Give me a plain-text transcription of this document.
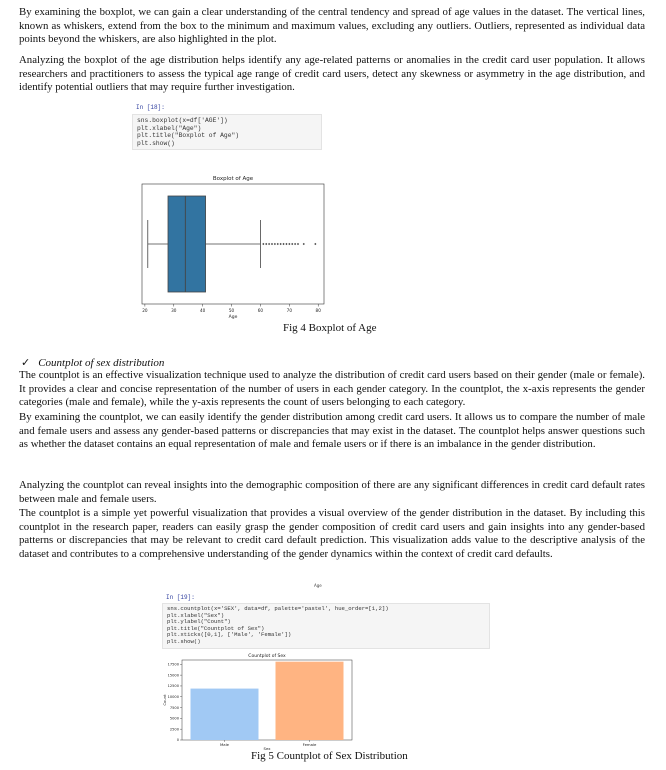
By examining the boxplot, we can gain a clear understanding of the central tendency and spread of age values in the dataset. The vertical lines, known as whiskers, extend from the box to the minimum and maximum values, excluding any outliers. Outliers, represented as individual data points beyond the whiskers, are also highlighted in the plot.

Analyzing the boxplot of the age distribution helps identify any age-related patterns or anomalies in the credit card user population. It allows researchers and practitioners to assess the typical age range of credit card users, detect any skewness or asymmetry in the age distribution, and identify potential outliers that may require further investigation.

In [18]:
sns.boxplot(x=df['AGE'])
plt.xlabel("Age")
plt.title("Boxplot of Age")
plt.show()
Boxplot of Age
20	30	40	50	60	70	80
Age
Fig 4 Boxplot of Age
✓ Countplot of sex distribution

The countplot is an effective visualization technique used to analyze the distribution of credit card users based on their gender (male or female). It provides a clear and concise representation of the number of users in each gender category. In the countplot, the x-axis represents the gender categories (male and female), while the y-axis represents the count of users belonging to each category.

By examining the countplot, we can easily identify the gender distribution among credit card users. It allows us to compare the number of male and female users and assess any gender-based patterns or discrepancies that may exist in the dataset. The countplot helps answer questions such as whether the dataset contains an equal representation of male and female users or if there is an imbalance in the gender distribution.

Analyzing the countplot can reveal insights into the demographic composition of there are any significant differences in credit card default rates between male and female users.

The countplot is a simple yet powerful visualization that provides a visual overview of the gender distribution in the dataset. By including this countplot in the research paper, readers can easily grasp the gender composition of credit card users and gain insights into any gender-based patterns or discrepancies that may be relevant to credit card default prediction. This visualization adds value to the descriptive analysis of the dataset and contributes to a comprehensive understanding of the gender dynamics within the context of credit card defaults.

Age
In [19]:
sns.countplot(x='SEX', data=df, palette='pastel', hue_order=[1,2])
plt.xlabel("Sex")
plt.ylabel("Count")
plt.title("Countplot of Sex")
plt.xticks([0,1], ['Male', 'Female'])
plt.show()
Countplot of Sex
0
2500
5000
7500
10000
12500
15000
17500
Count
Male	Female
Sex
Fig 5 Countplot of Sex Distribution
